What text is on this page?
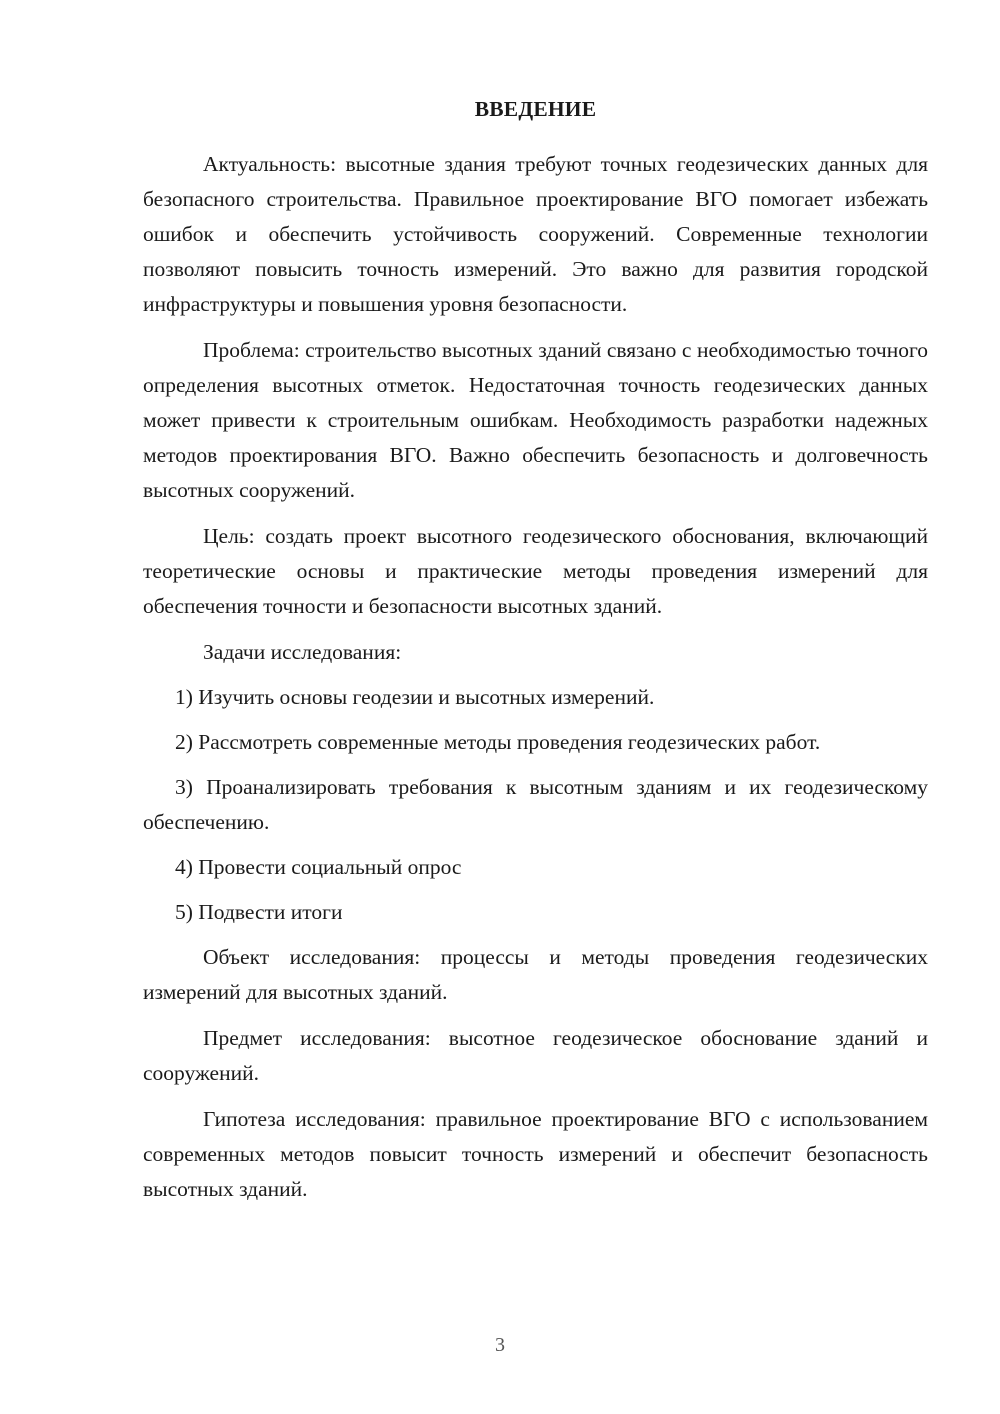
ВВЕДЕНИЕ

Актуальность: высотные здания требуют точных геодезических данных для безопасного строительства. Правильное проектирование ВГО помогает избежать ошибок и обеспечить устойчивость сооружений. Современные технологии позволяют повысить точность измерений. Это важно для развития городской инфраструктуры и повышения уровня безопасности.

Проблема: строительство высотных зданий связано с необходимостью точного определения высотных отметок. Недостаточная точность геодезических данных может привести к строительным ошибкам. Необходимость разработки надежных методов проектирования ВГО. Важно обеспечить безопасность и долговечность высотных сооружений.

Цель: создать проект высотного геодезического обоснования, включающий теоретические основы и практические методы проведения измерений для обеспечения точности и безопасности высотных зданий.

Задачи исследования:

1) Изучить основы геодезии и высотных измерений.

2) Рассмотреть современные методы проведения геодезических работ.

3) Проанализировать требования к высотным зданиям и их геодезическому обеспечению.

4) Провести социальный опрос

5) Подвести итоги

Объект исследования: процессы и методы проведения геодезических измерений для высотных зданий.

Предмет исследования: высотное геодезическое обоснование зданий и сооружений.

Гипотеза исследования: правильное проектирование ВГО с использованием современных методов повысит точность измерений и обеспечит безопасность высотных зданий.

3
